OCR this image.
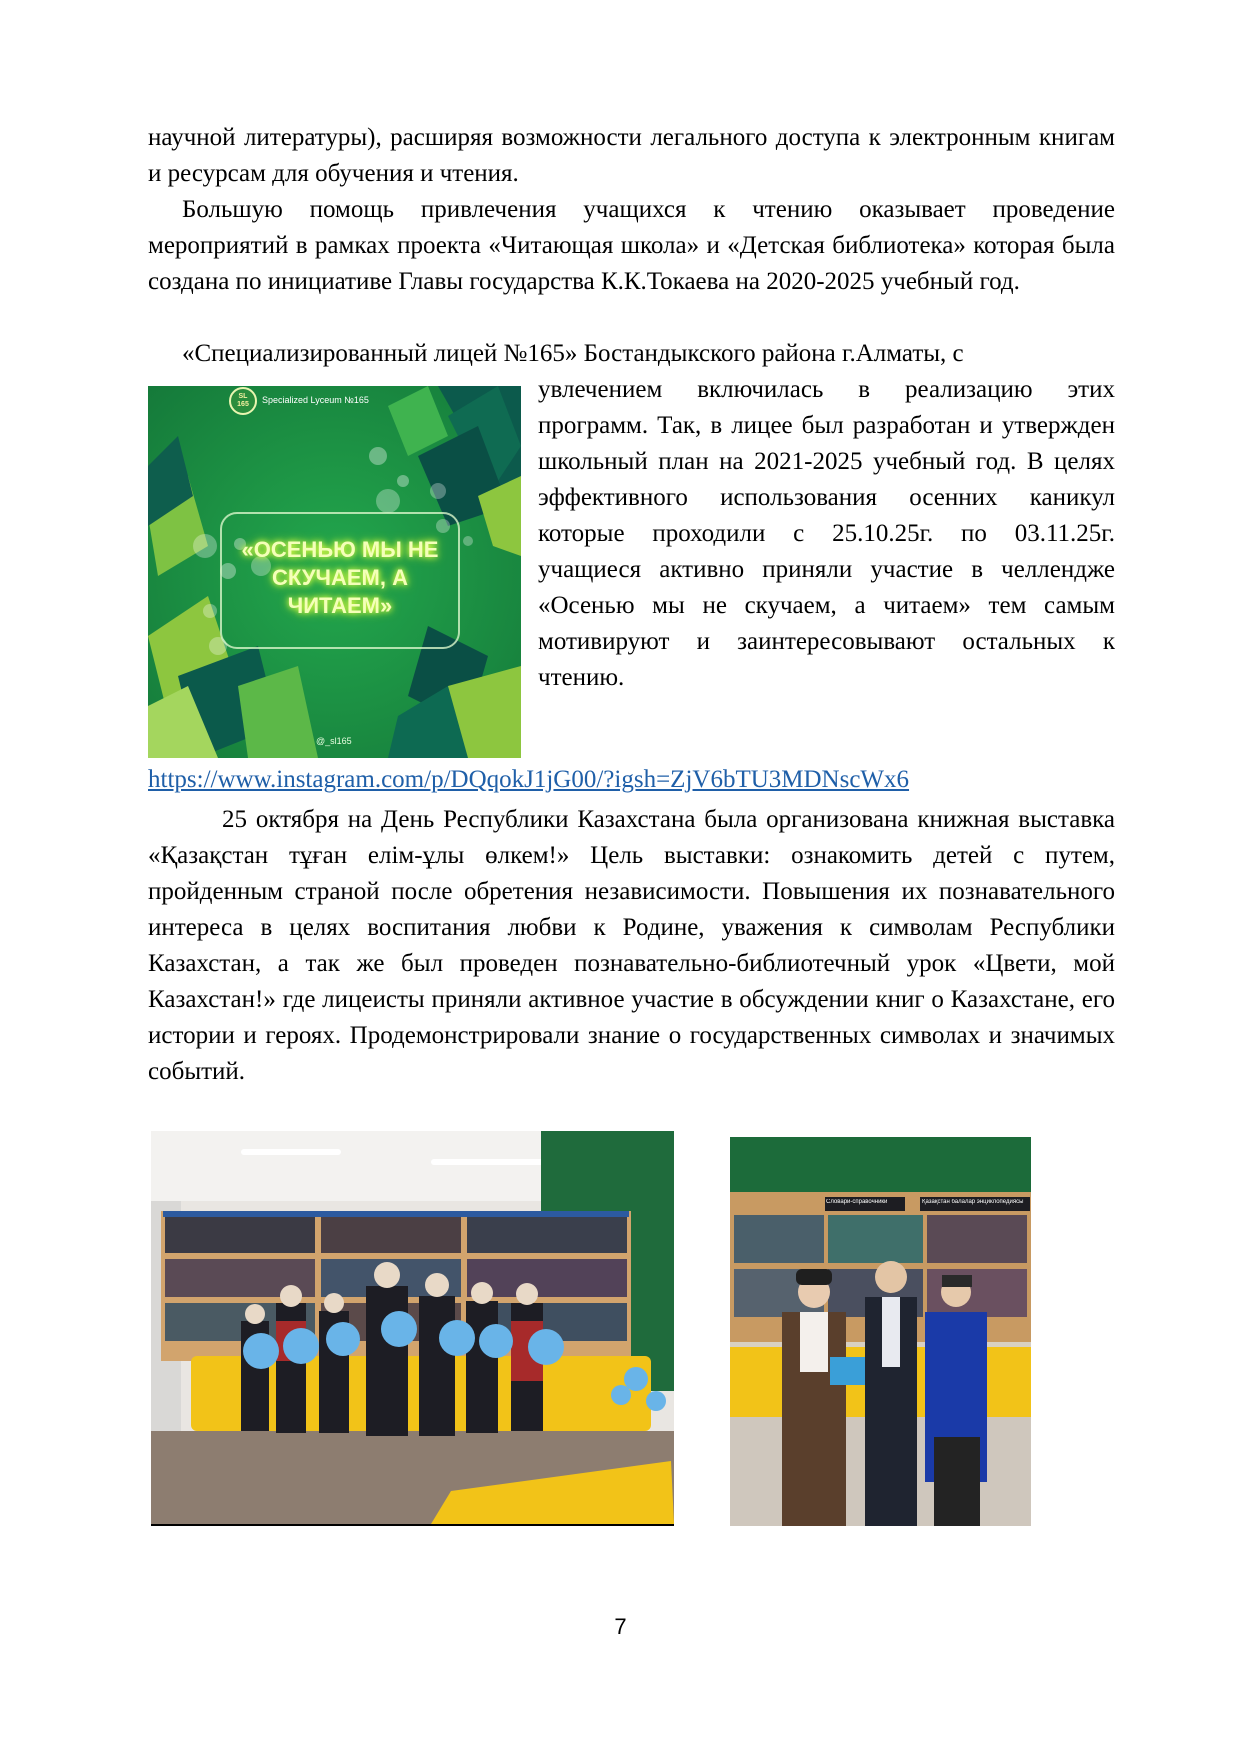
научной литературы), расширяя возможности легального доступа к электронным книгам и ресурсам для обучения и чтения.

Большую помощь привлечения учащихся к чтению оказывает проведение мероприятий в рамках проекта «Читающая школа» и «Детская библиотека» которая была создана по инициативе Главы государства К.К.Токаева на 2020-2025 учебный год.

«Специализированный лицей №165» Бостандыкского района г.Алматы, с

SL 165	Specialized Lyceum №165
«ОСЕНЬЮ МЫ НЕ СКУЧАЕМ, А ЧИТАЕМ»
@_sl165

увлечением включилась в реализацию этих программ. Так, в лицее был разработан и утвержден школьный план на 2021-2025 учебный год. В целях эффективного использования осенних каникул которые проходили с 25.10.25г. по 03.11.25г. учащиеся активно приняли участие в челлендже «Осенью мы не скучаем, а читаем» тем самым мотивируют и заинтересовывают остальных к чтению.

https://www.instagram.com/p/DQqokJ1jG00/?igsh=ZjV6bTU3MDNscWx6

25 октября на День Республики Казахстана была организована книжная выставка «Қазақстан тұған елім-ұлы өлкем!» Цель выставки: ознакомить детей с путем, пройденным страной после обретения независимости. Повышения их познавательного интереса в целях воспитания любви к Родине, уважения к символам Республики Казахстан, а так же был проведен познавательно-библиотечный урок «Цвети, мой Казахстан!» где лицеисты приняли активное участие в обсуждении книг о Казахстане, его истории и героях. Продемонстрировали знание о государственных символах и значимых событий.

Словари-справочники	Қазақстан балалар энциклопедиясы
7
